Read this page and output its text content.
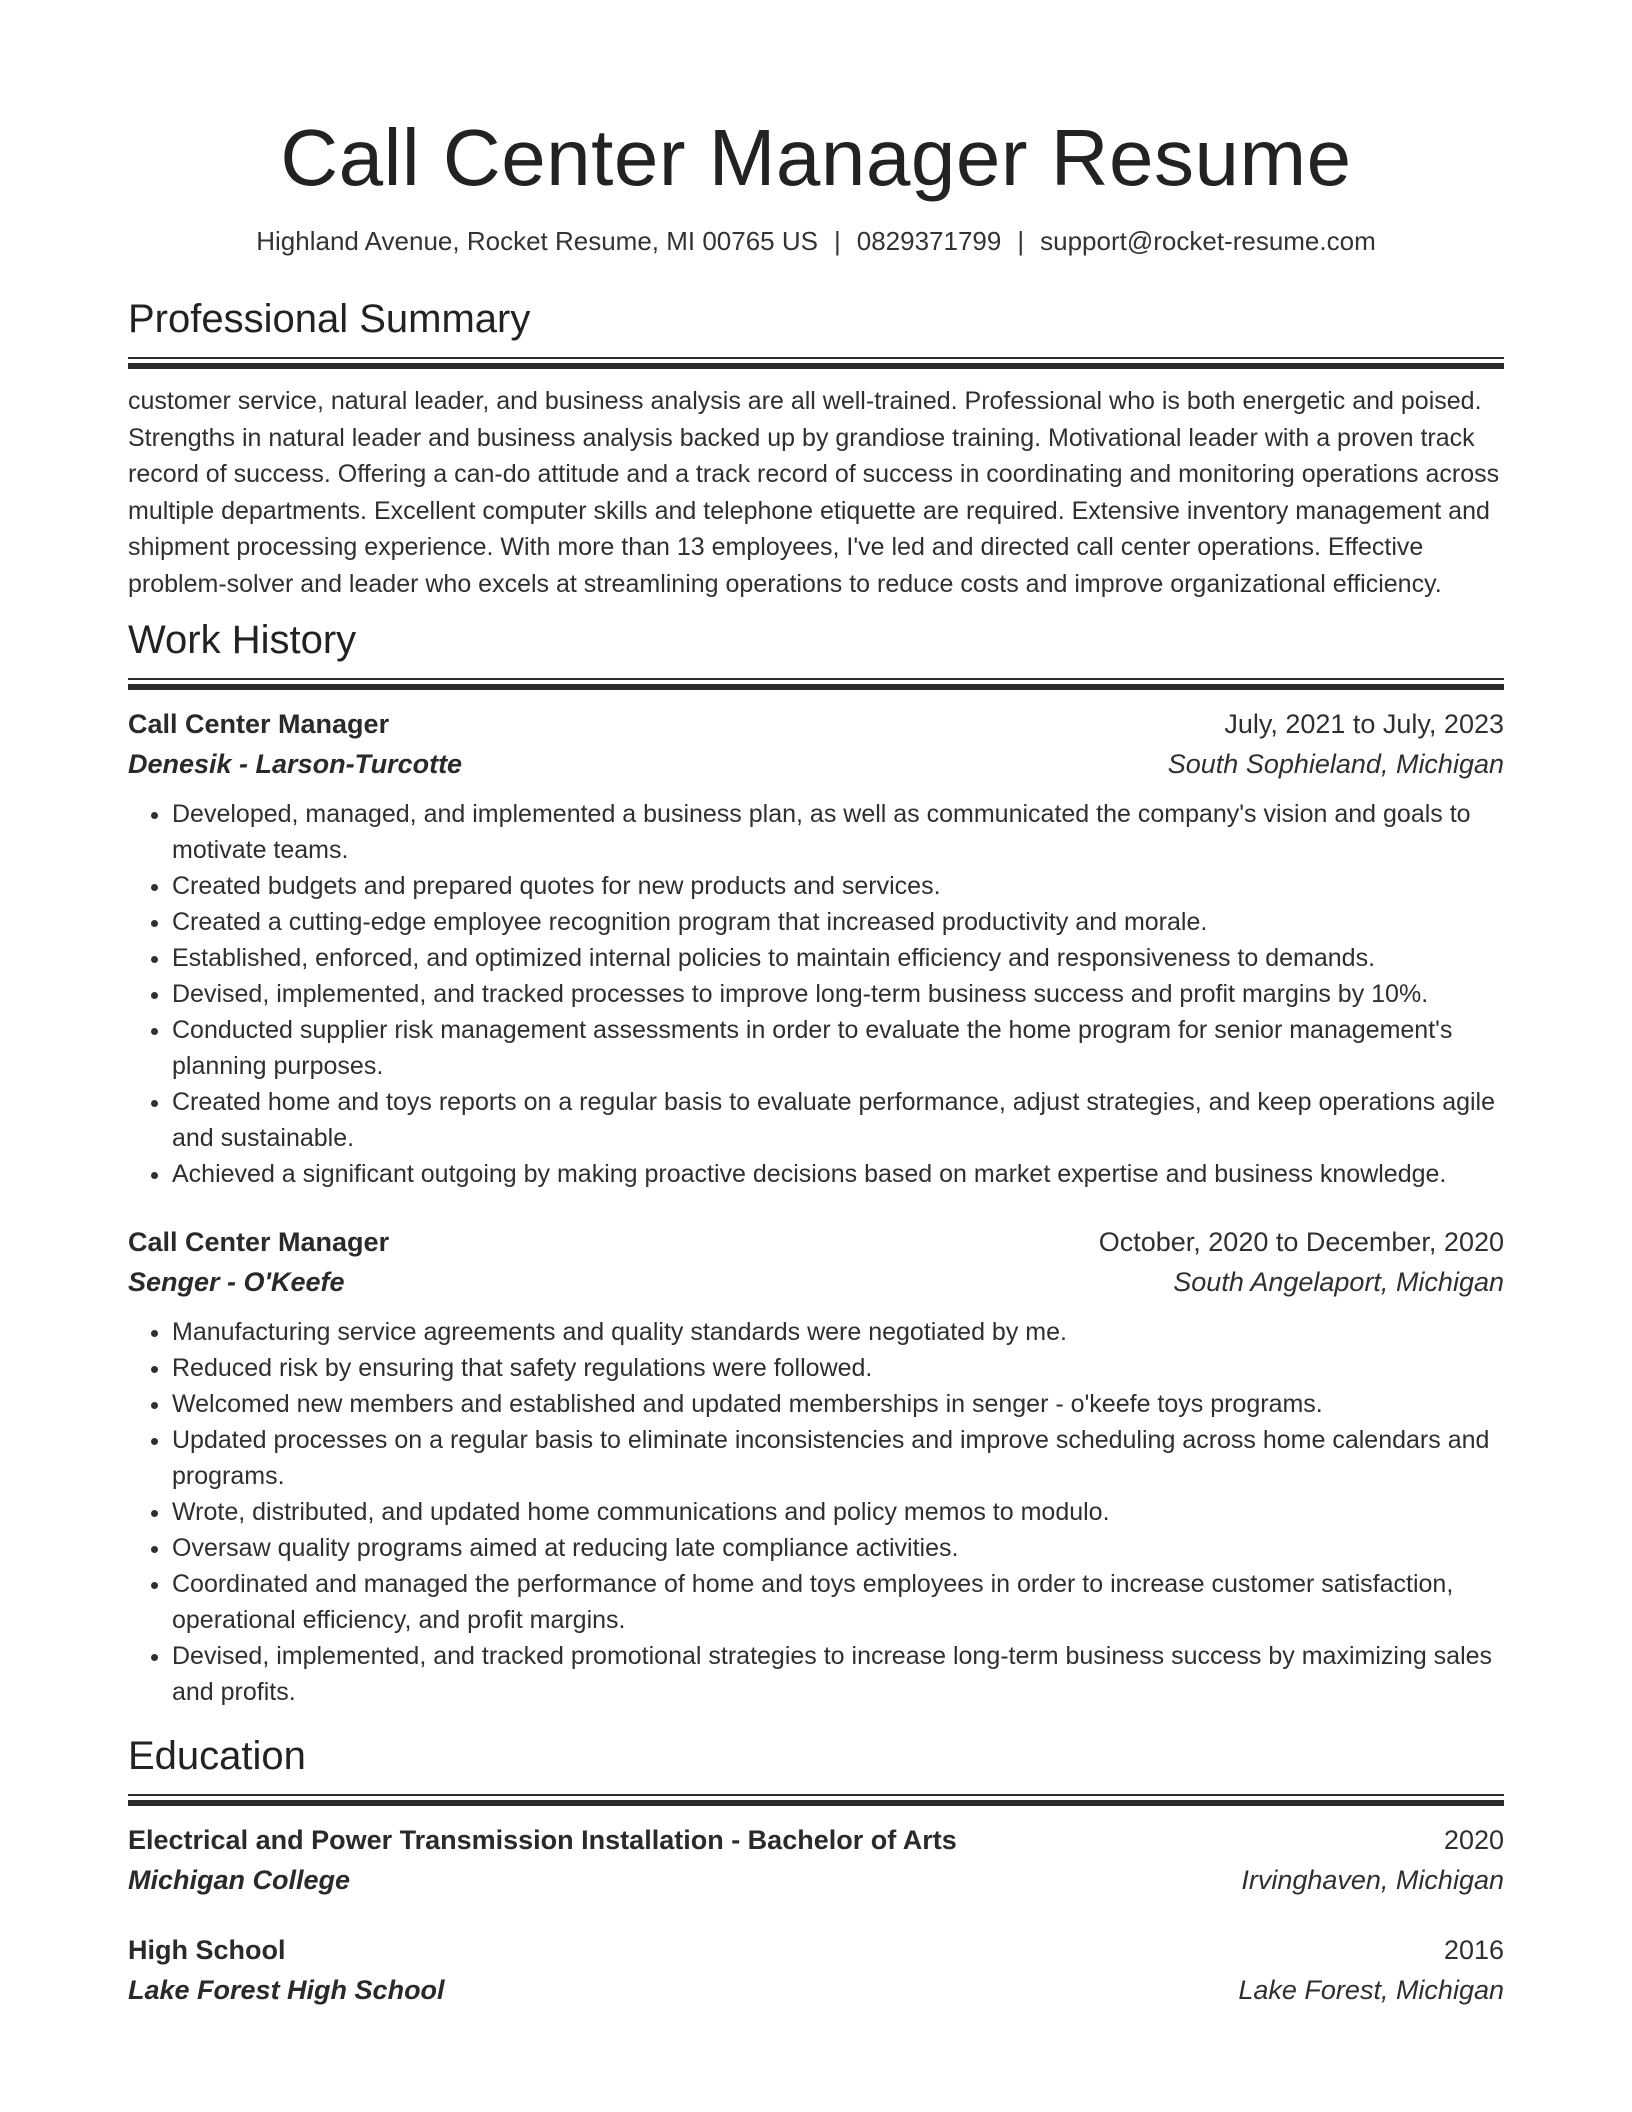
Call Center Manager Resume
Highland Avenue, Rocket Resume, MI 00765 US | 0829371799 | support@rocket-resume.com
Professional Summary
customer service, natural leader, and business analysis are all well-trained. Professional who is both energetic and poised. Strengths in natural leader and business analysis backed up by grandiose training. Motivational leader with a proven track record of success. Offering a can-do attitude and a track record of success in coordinating and monitoring operations across multiple departments. Excellent computer skills and telephone etiquette are required. Extensive inventory management and shipment processing experience. With more than 13 employees, I've led and directed call center operations. Effective problem-solver and leader who excels at streamlining operations to reduce costs and improve organizational efficiency.
Work History
Call Center Manager	July, 2021 to July, 2023
Denesik - Larson-Turcotte	South Sophieland, Michigan
• Developed, managed, and implemented a business plan, as well as communicated the company's vision and goals to motivate teams.
• Created budgets and prepared quotes for new products and services.
• Created a cutting-edge employee recognition program that increased productivity and morale.
• Established, enforced, and optimized internal policies to maintain efficiency and responsiveness to demands.
• Devised, implemented, and tracked processes to improve long-term business success and profit margins by 10%.
• Conducted supplier risk management assessments in order to evaluate the home program for senior management's planning purposes.
• Created home and toys reports on a regular basis to evaluate performance, adjust strategies, and keep operations agile and sustainable.
• Achieved a significant outgoing by making proactive decisions based on market expertise and business knowledge.
Call Center Manager	October, 2020 to December, 2020
Senger - O'Keefe	South Angelaport, Michigan
• Manufacturing service agreements and quality standards were negotiated by me.
• Reduced risk by ensuring that safety regulations were followed.
• Welcomed new members and established and updated memberships in senger - o'keefe toys programs.
• Updated processes on a regular basis to eliminate inconsistencies and improve scheduling across home calendars and programs.
• Wrote, distributed, and updated home communications and policy memos to modulo.
• Oversaw quality programs aimed at reducing late compliance activities.
• Coordinated and managed the performance of home and toys employees in order to increase customer satisfaction, operational efficiency, and profit margins.
• Devised, implemented, and tracked promotional strategies to increase long-term business success by maximizing sales and profits.
Education
Electrical and Power Transmission Installation - Bachelor of Arts	2020
Michigan College	Irvinghaven, Michigan
High School	2016
Lake Forest High School	Lake Forest, Michigan
